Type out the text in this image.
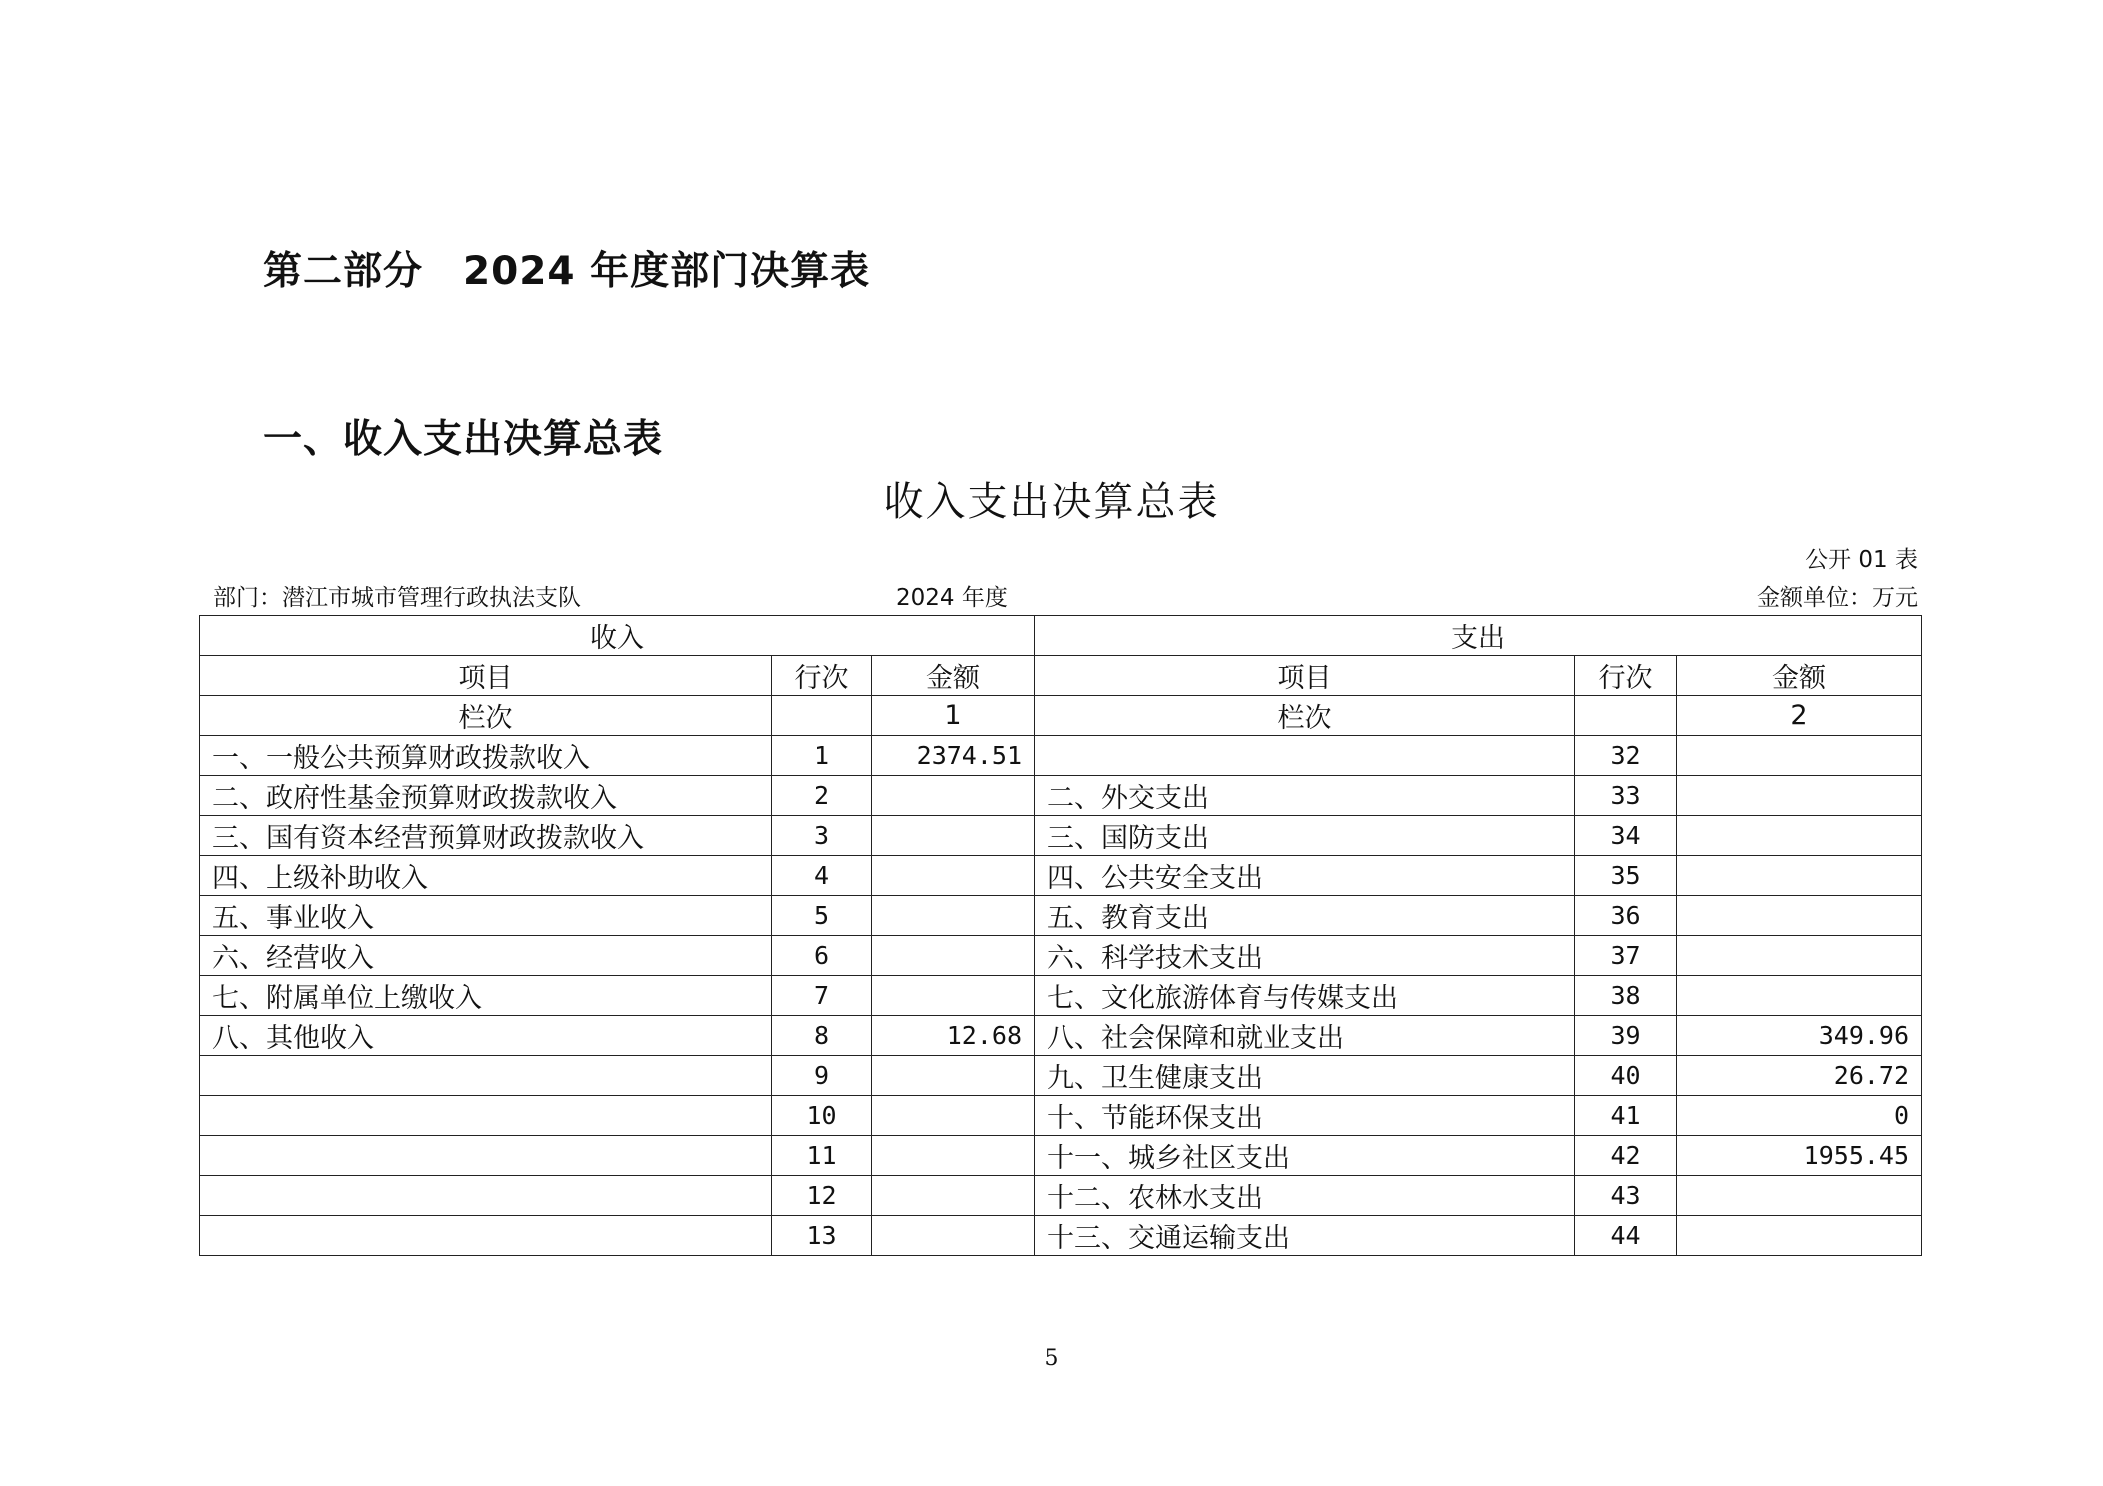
第二部分　2024 年度部门决算表
一、收入支出决算总表
收入支出决算总表
公开 01 表
部门：潜江市城市管理行政执法支队	2024 年度	金额单位：万元
收入			支出		
项目	行次	金额	项目	行次	金额
栏次		1	栏次		2
一、一般公共预算财政拨款收入	1	2374.51		32	
二、政府性基金预算财政拨款收入	2		二、外交支出	33	
三、国有资本经营预算财政拨款收入	3		三、国防支出	34	
四、上级补助收入	4		四、公共安全支出	35	
五、事业收入	5		五、教育支出	36	
六、经营收入	6		六、科学技术支出	37	
七、附属单位上缴收入	7		七、文化旅游体育与传媒支出	38	
八、其他收入	8	12.68	八、社会保障和就业支出	39	349.96
	9		九、卫生健康支出	40	26.72
	10		十、节能环保支出	41	0
	11		十一、城乡社区支出	42	1955.45
	12		十二、农林水支出	43	
	13		十三、交通运输支出	44	
5
